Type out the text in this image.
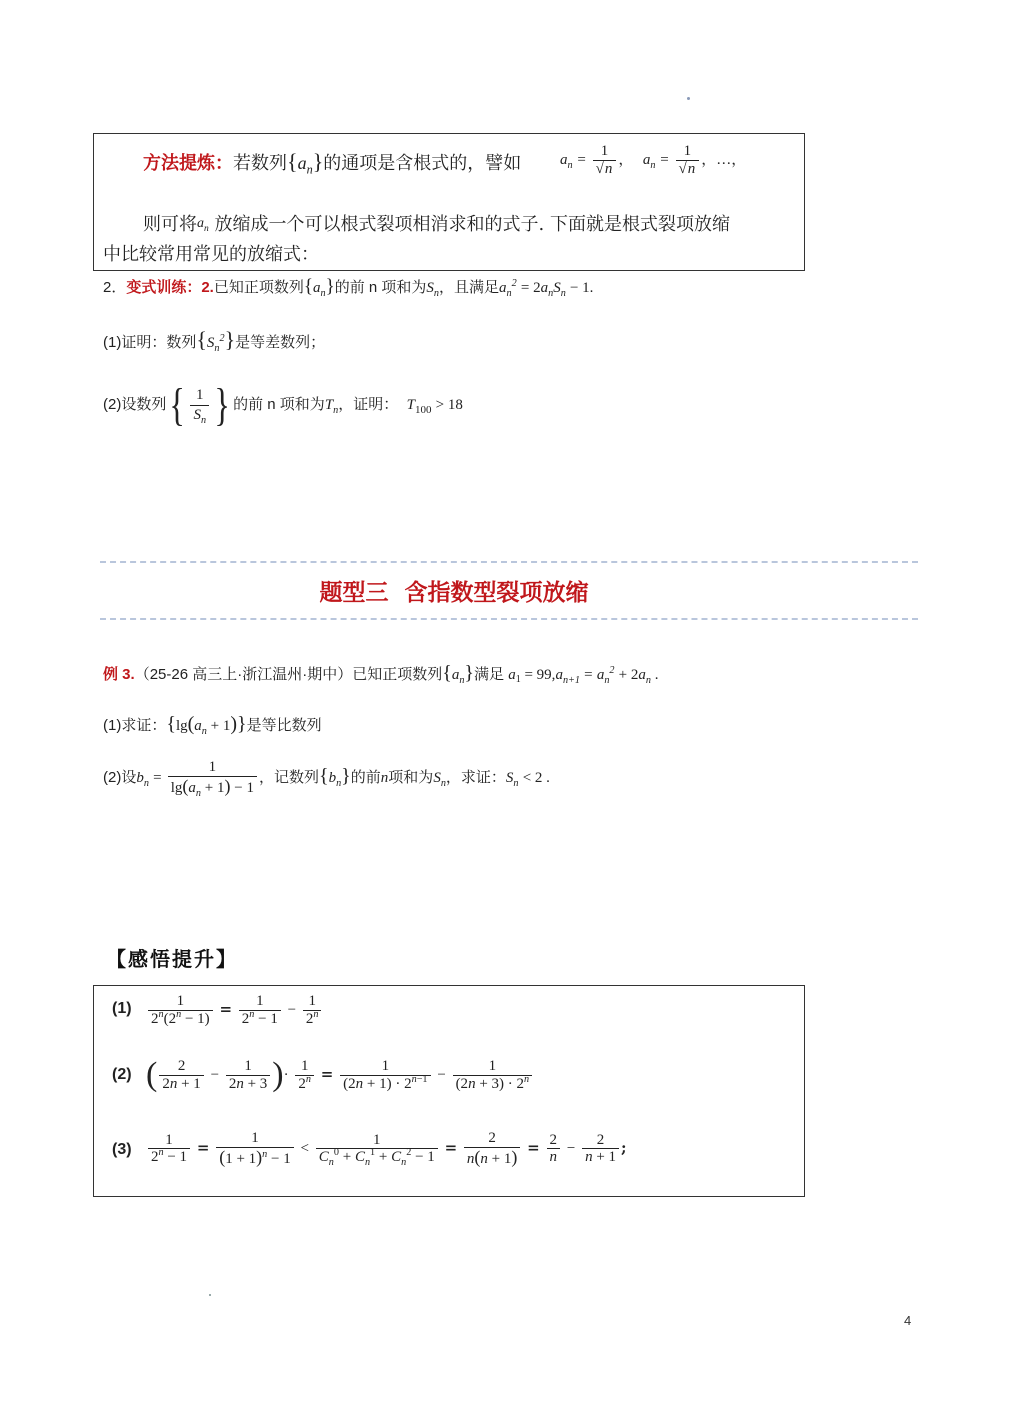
方法提炼：若数列$\{a_n\}$的通项是含根式的，譬如	$a_n = \frac{1}{√n}$ ， $a_n = \frac{1}{√n}$ ，…，
则可将$a_n$ 放缩成一个可以根式裂项相消求和的式子. 下面就是根式裂项放缩
中比较常用常见的放缩式：
2．变式训练：2.已知正项数列$\{a_n\}$的前 n 项和为$S_n$，且满足$a_n^2 = 2a_nS_n - 1$.
(1)证明：数列$\{S_n^2\}$是等差数列；
(2)设数列{ $\frac{1}{S_n}$ } 的前 n 项和为$T_n$，证明： $T_{100} > 18$
题型三  含指数型裂项放缩
例 3.（25-26 高三上·浙江温州·期中）已知正项数列$\{a_n\}$满足 $a_1 = 99,a_{n+1} = a_n^2 + 2a_n$ .
(1)求证：$\{\lg(a_n + 1)\}$是等比数列
(2)设$b_n = \frac{1}{\lg(a_n + 1) - 1}$ ，记数列$\{b_n\}$的前n项和为$S_n$，求证：$S_n < 2$ .
【感悟提升】
$(1) \frac{1}{2^n(2^n - 1)} = \frac{1}{2^n - 1} - \frac{1}{2^n}$
(2) ( $\frac{2}{2n + 1} - \frac{1}{2n + 3}$ )· $\frac{1}{2^n} = \frac{1}{(2n + 1) \cdot 2^{n-1}} - \frac{1}{(2n + 3) \cdot 2^n}$
$(3) \frac{1}{2^n - 1} = \frac{1}{(1 + 1)^n - 1} < \frac{1}{C_n^0 + C_n^1 + C_n^2 - 1} = \frac{2}{n(n + 1)} = \frac{2}{n} - \frac{2}{n + 1}$ ;
4
